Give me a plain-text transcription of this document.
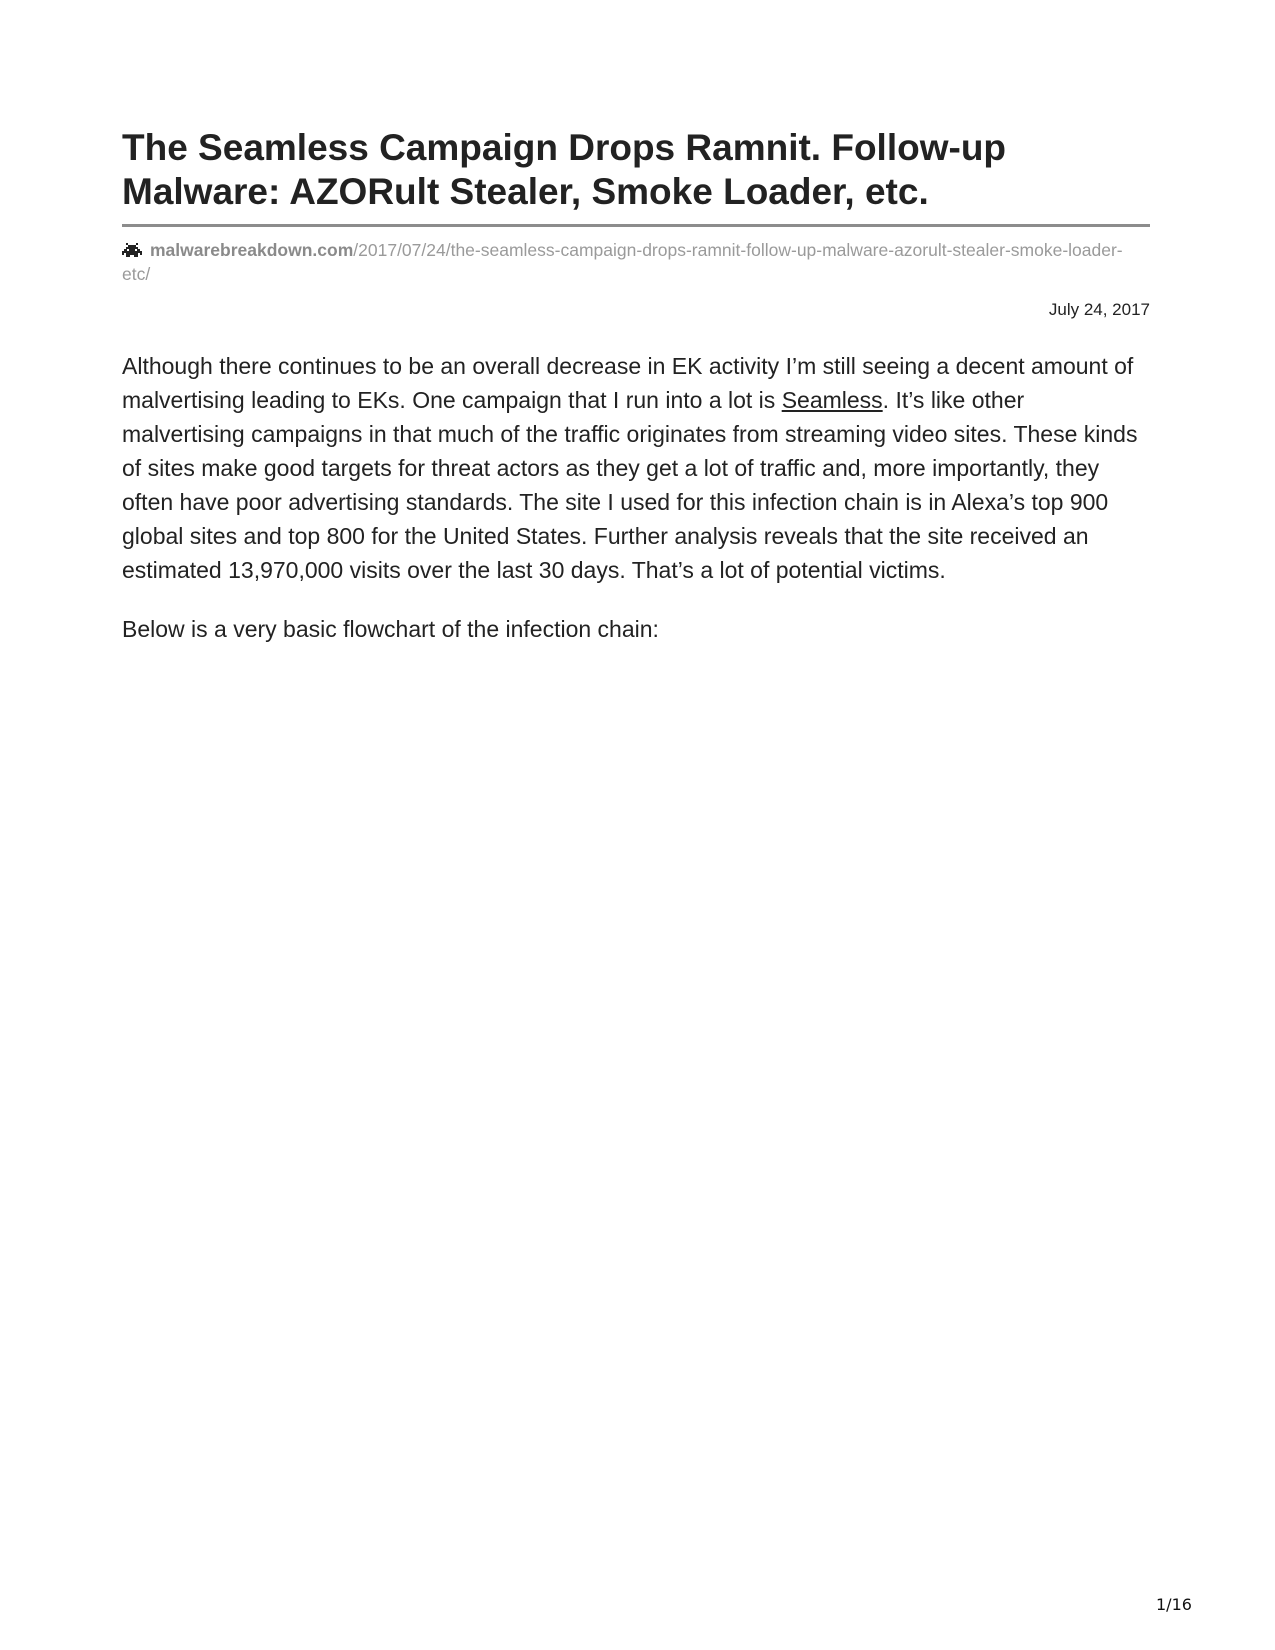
The Seamless Campaign Drops Ramnit. Follow-up Malware: AZORult Stealer, Smoke Loader, etc.
malwarebreakdown.com/2017/07/24/the-seamless-campaign-drops-ramnit-follow-up-malware-azorult-stealer-smoke-loader-etc/
July 24, 2017

Although there continues to be an overall decrease in EK activity I’m still seeing a decent amount of malvertising leading to EKs. One campaign that I run into a lot is Seamless. It’s like other malvertising campaigns in that much of the traffic originates from streaming video sites. These kinds of sites make good targets for threat actors as they get a lot of traffic and, more importantly, they often have poor advertising standards. The site I used for this infection chain is in Alexa’s top 900 global sites and top 800 for the United States. Further analysis reveals that the site received an estimated 13,970,000 visits over the last 30 days. That’s a lot of potential victims.

Below is a very basic flowchart of the infection chain:

1/16
